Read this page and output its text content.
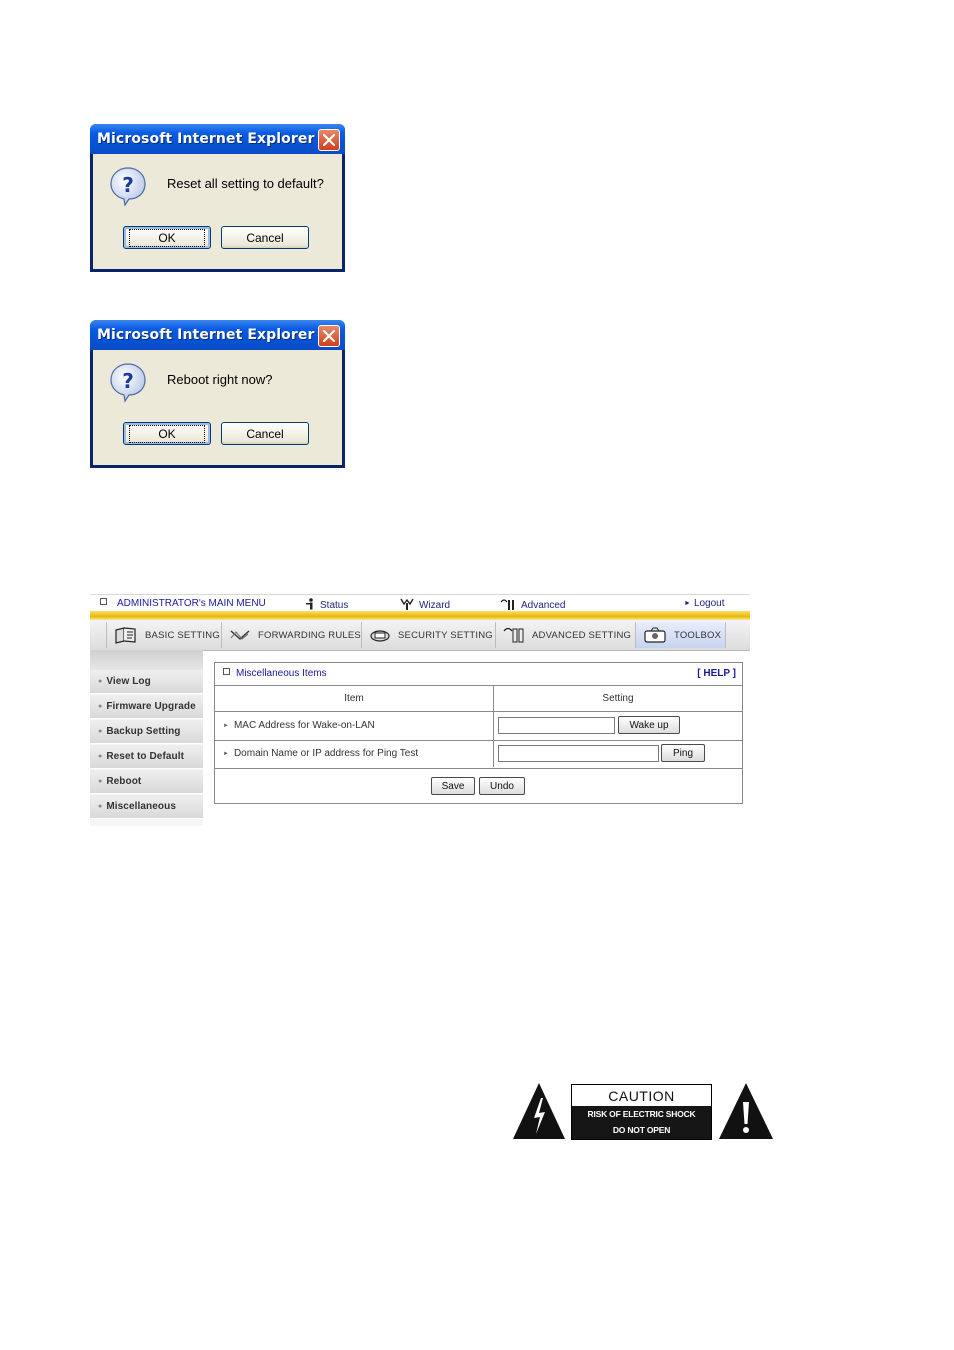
Microsoft Internet Explorer
?	Reset all setting to default?
OK	Cancel
Microsoft Internet Explorer
?	Reboot right now?
OK	Cancel
ADMINISTRATOR's MAIN MENU	Status	Wizard	Advanced	► Logout
BASIC SETTING	FORWARDING RULES	SECURITY SETTING	ADVANCED SETTING	TOOLBOX
● View Log
● Firmware Upgrade
● Backup Setting
● Reset to Default
● Reboot
● Miscellaneous
Miscellaneous Items	[ HELP ]
Item	Setting
► MAC Address for Wake-on-LAN	Wake up
► Domain Name or IP address for Ping Test	Ping
Save	Undo
CAUTION
RISK OF ELECTRIC SHOCK
DO NOT OPEN
